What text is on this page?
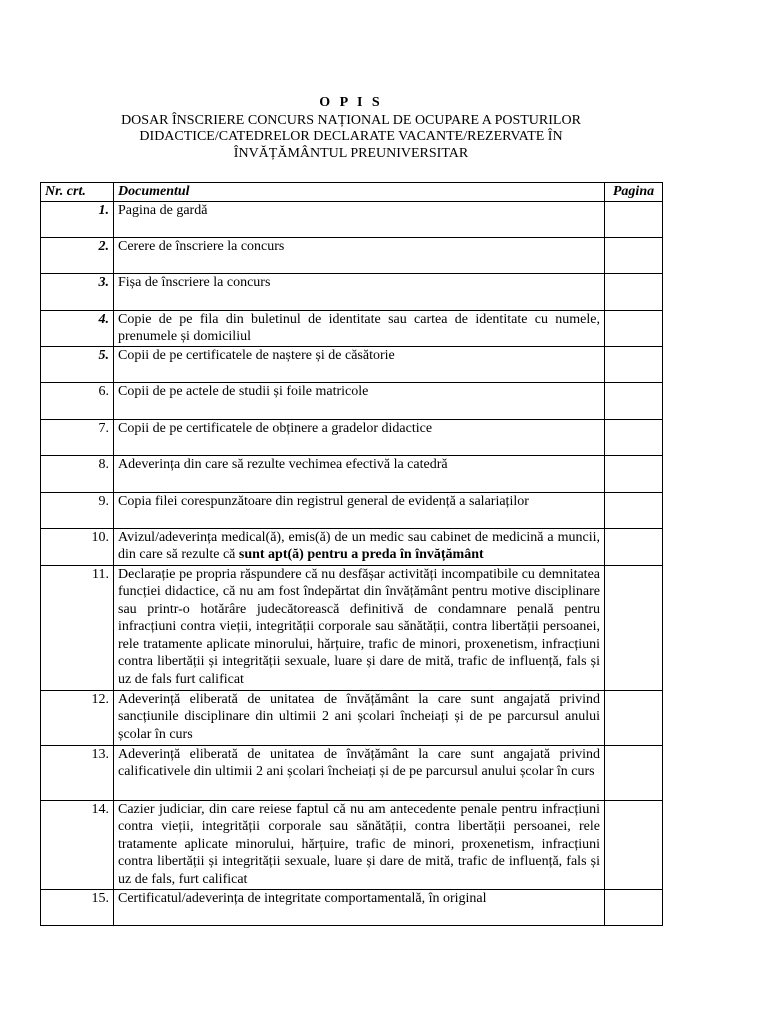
O P I S
DOSAR ÎNSCRIERE CONCURS NAȚIONAL DE OCUPARE A POSTURILOR
DIDACTICE/CATEDRELOR DECLARATE VACANTE/REZERVATE ÎN
ÎNVĂȚĂMÂNTUL PREUNIVERSITAR
Nr. crt.	Documentul	Pagina
1.	Pagina de gardă	
2.	Cerere de înscriere la concurs	
3.	Fișa de înscriere la concurs	
4.	Copie de pe fila din buletinul de identitate sau cartea de identitate cu numele, prenumele și domiciliul	
5.	Copii de pe certificatele de naștere și de căsătorie	
6.	Copii de pe actele de studii și foile matricole	
7.	Copii de pe certificatele de obținere a gradelor didactice	
8.	Adeverința din care să rezulte vechimea efectivă la catedră	
9.	Copia filei corespunzătoare din registrul general de evidență a salariaților	
10.	Avizul/adeverința medical(ă), emis(ă) de un medic sau cabinet de medicină a muncii, din care să rezulte că sunt apt(ă) pentru a preda în învățământ	
11.	Declarație pe propria răspundere că nu desfășar activități incompatibile cu demnitatea funcției didactice, că nu am fost îndepărtat din învățământ pentru motive disciplinare sau printr-o hotărâre judecătorească definitivă de condamnare penală pentru infracțiuni contra vieții, integrității corporale sau sănătății, contra libertății persoanei, rele tratamente aplicate minorului, hărțuire, trafic de minori, proxenetism, infracțiuni contra libertății și integrității sexuale, luare și dare de mită, trafic de influență, fals și uz de fals furt calificat	
12.	Adeverință eliberată de unitatea de învățământ la care sunt angajată privind sancțiunile disciplinare din ultimii 2 ani școlari încheiați și de pe parcursul anului școlar în curs	
13.	Adeverință eliberată de unitatea de învățământ la care sunt angajată privind calificativele din ultimii 2 ani școlari încheiați și de pe parcursul anului școlar în curs	
14.	Cazier judiciar, din care reiese faptul că nu am antecedente penale pentru infracțiuni contra vieții, integrității corporale sau sănătății, contra libertății persoanei, rele tratamente aplicate minorului, hărțuire, trafic de minori, proxenetism, infracțiuni contra libertății și integrității sexuale, luare și dare de mită, trafic de influență, fals și uz de fals, furt calificat	
15.	Certificatul/adeverința de integritate comportamentală, în original	
